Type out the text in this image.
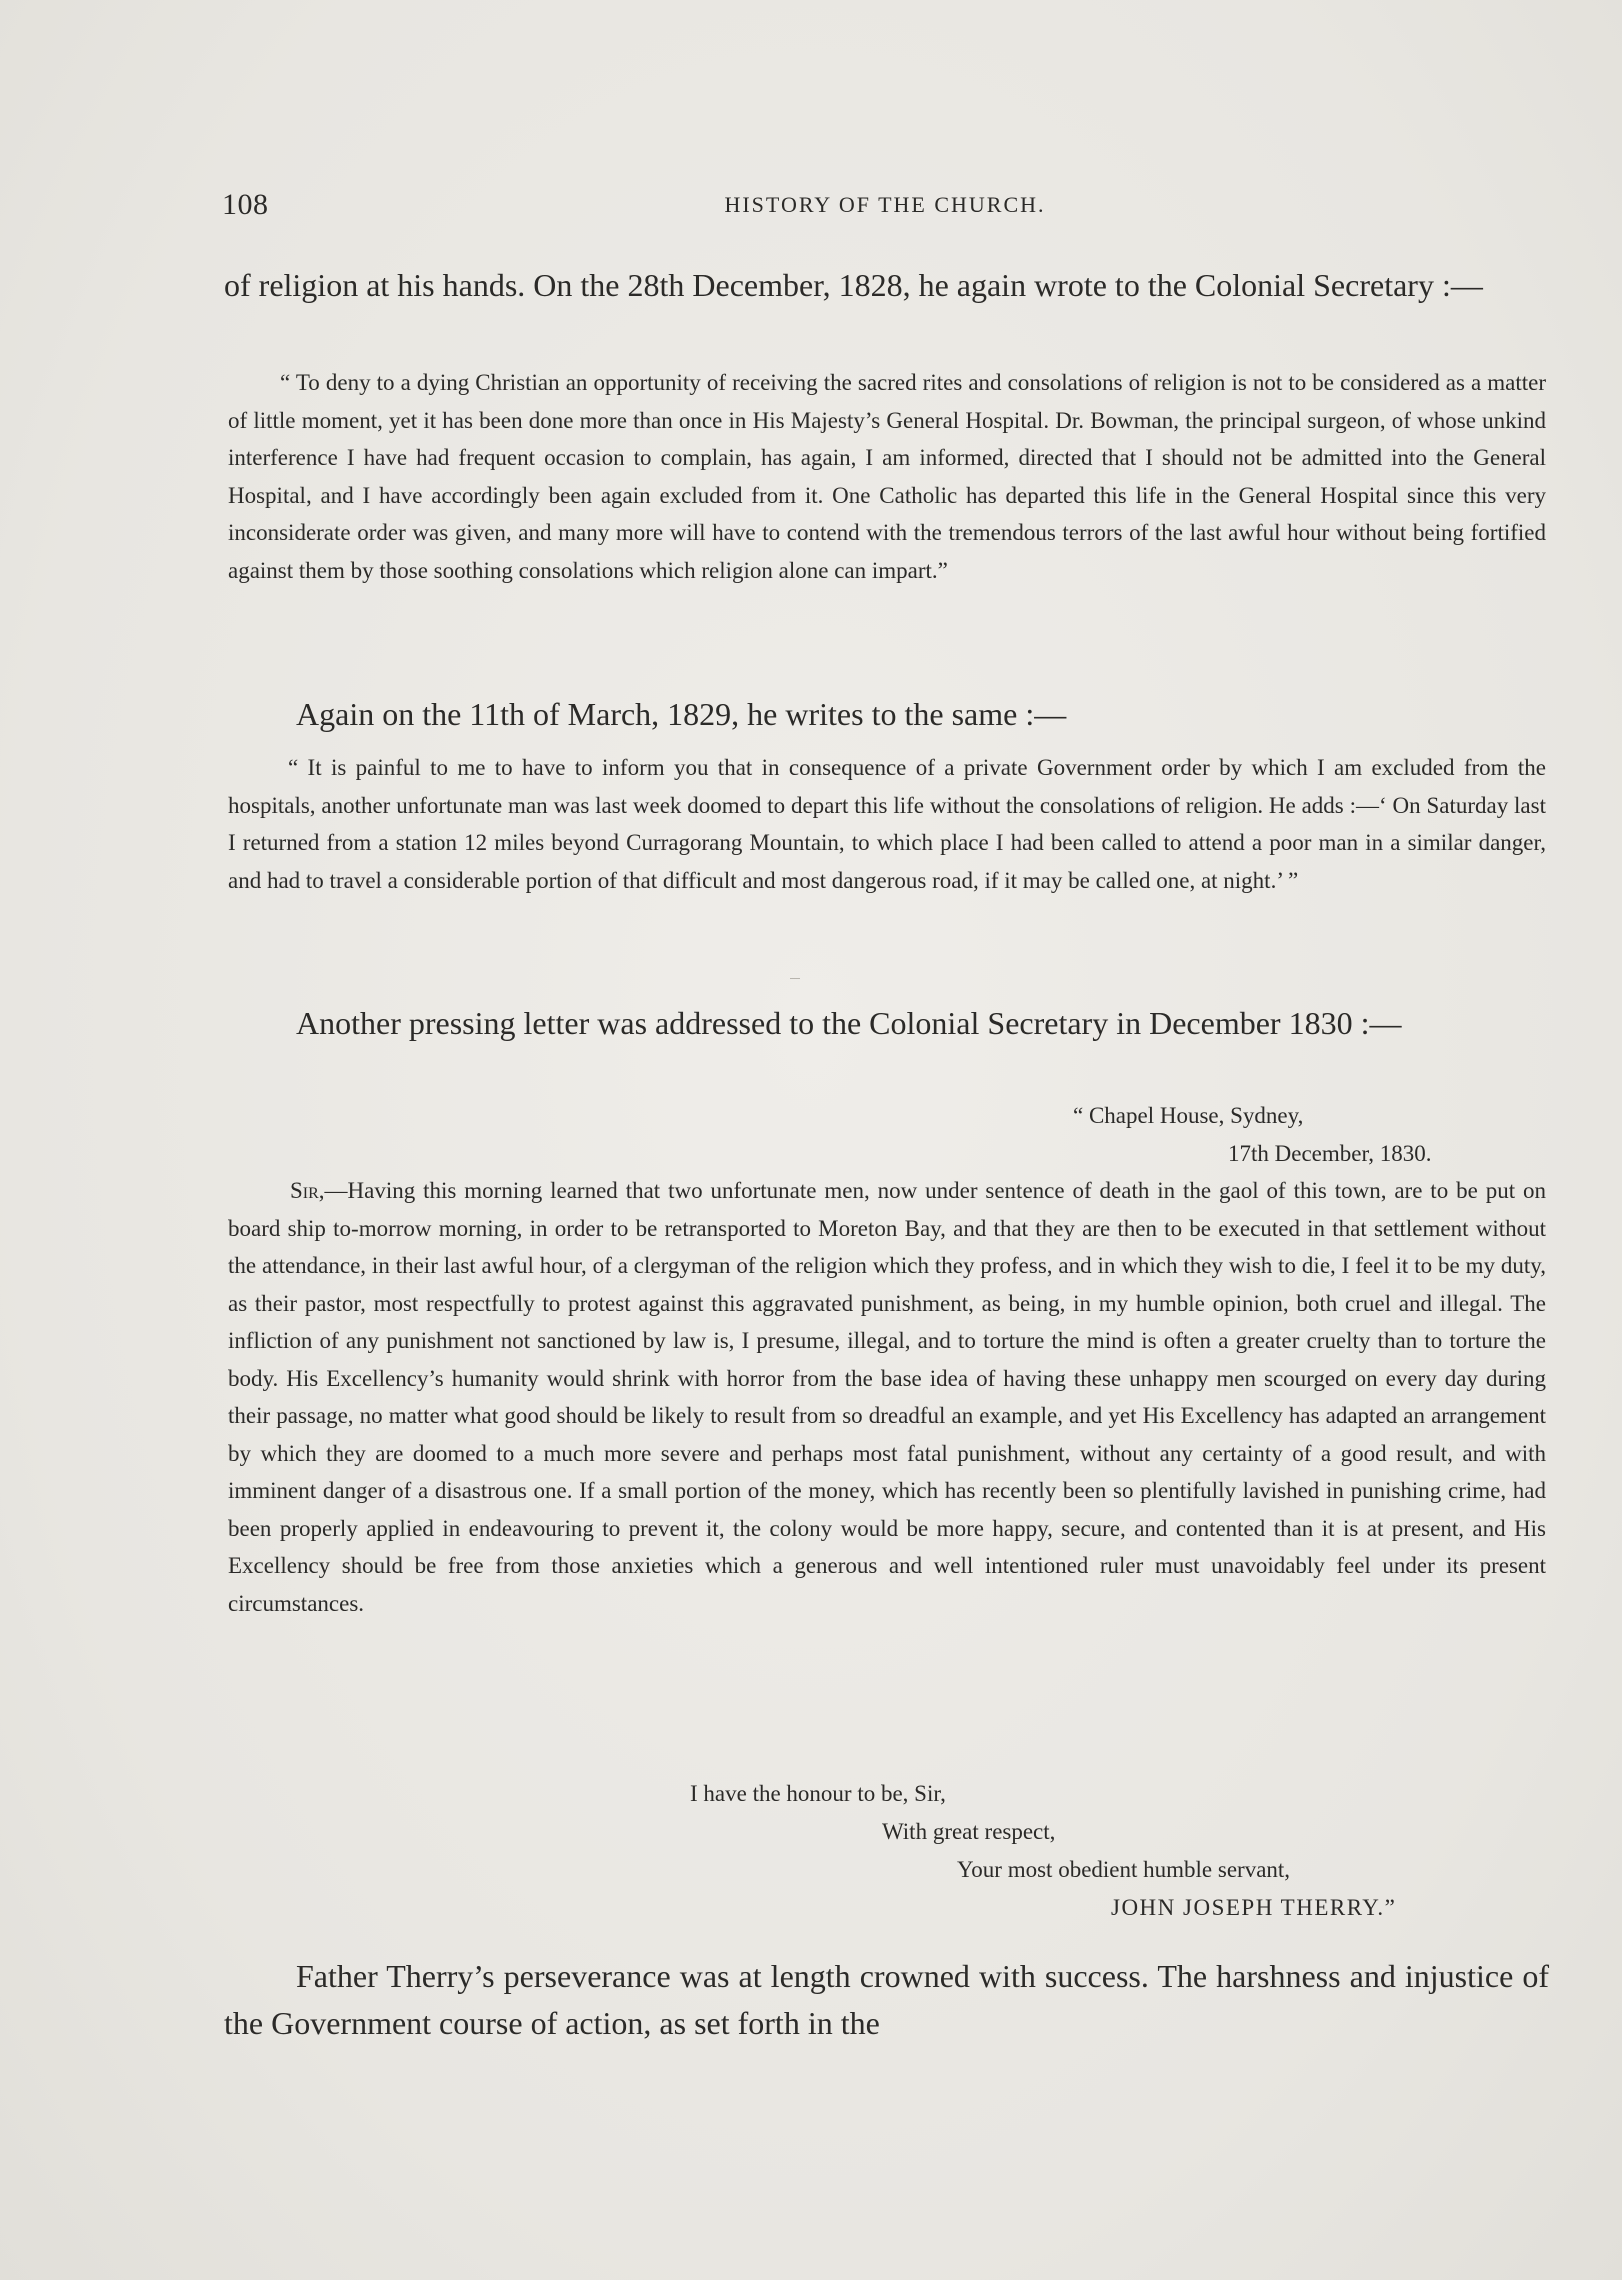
108	HISTORY OF THE CHURCH.

of religion at his hands. On the 28th December, 1828, he again wrote to the Colonial Secretary :—

“ To deny to a dying Christian an opportunity of receiving the sacred rites and consolations of religion is not to be considered as a matter of little moment, yet it has been done more than once in His Majesty’s General Hospital. Dr. Bowman, the principal surgeon, of whose unkind interference I have had frequent occasion to complain, has again, I am informed, directed that I should not be admitted into the General Hospital, and I have accordingly been again excluded from it. One Catholic has departed this life in the General Hospital since this very inconsiderate order was given, and many more will have to contend with the tremendous terrors of the last awful hour without being fortified against them by those soothing consolations which religion alone can impart.”

Again on the 11th of March, 1829, he writes to the same :—

“ It is painful to me to have to inform you that in consequence of a private Government order by which I am excluded from the hospitals, another unfortunate man was last week doomed to depart this life without the consolations of religion. He adds :—‘ On Saturday last I returned from a station 12 miles beyond Curragorang Mountain, to which place I had been called to attend a poor man in a similar danger, and had to travel a considerable portion of that difficult and most dangerous road, if it may be called one, at night.’ ”

Another pressing letter was addressed to the Colonial Secretary in December 1830 :—

“ Chapel House, Sydney,
17th December, 1830.

Sir,—Having this morning learned that two unfortunate men, now under sentence of death in the gaol of this town, are to be put on board ship to-morrow morning, in order to be retransported to Moreton Bay, and that they are then to be executed in that settlement without the attendance, in their last awful hour, of a clergyman of the religion which they profess, and in which they wish to die, I feel it to be my duty, as their pastor, most respectfully to protest against this aggravated punishment, as being, in my humble opinion, both cruel and illegal. The infliction of any punishment not sanctioned by law is, I presume, illegal, and to torture the mind is often a greater cruelty than to torture the body. His Excellency’s humanity would shrink with horror from the base idea of having these unhappy men scourged on every day during their passage, no matter what good should be likely to result from so dreadful an example, and yet His Excellency has adapted an arrangement by which they are doomed to a much more severe and perhaps most fatal punishment, without any certainty of a good result, and with imminent danger of a disastrous one. If a small portion of the money, which has recently been so plentifully lavished in punishing crime, had been properly applied in endeavouring to prevent it, the colony would be more happy, secure, and contented than it is at present, and His Excellency should be free from those anxieties which a generous and well intentioned ruler must unavoidably feel under its present circumstances.

I have the honour to be, Sir,
With great respect,
Your most obedient humble servant,
JOHN JOSEPH THERRY.”

Father Therry’s perseverance was at length crowned with success. The harshness and injustice of the Government course of action, as set forth in the
